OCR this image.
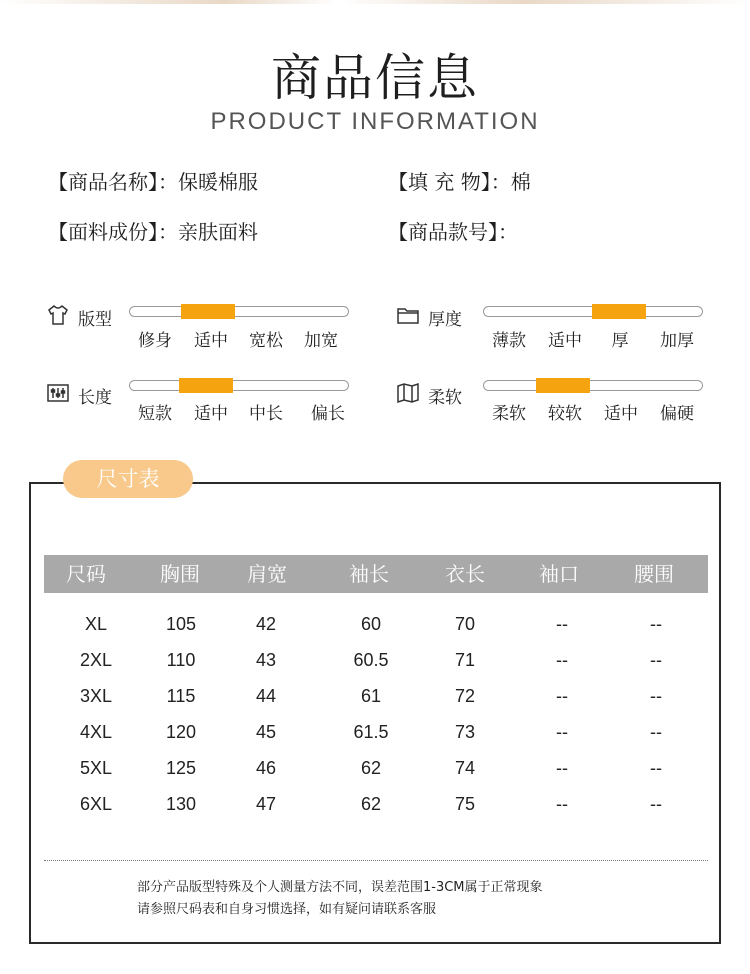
商品信息
PRODUCT INFORMATION
【商品名称】：保暖棉服	【填 充 物】：棉
【面料成份】：亲肤面料	【商品款号】：
版型
修身	适中	宽松	加宽
厚度
薄款	适中	厚	加厚
长度
短款	适中	中长	偏长
柔软
柔软	较软	适中	偏硬
尺寸表
尺码	胸围	肩宽	袖长	衣长	袖口	腰围
XL	105	42	60	70	--	--
2XL	110	43	60.5	71	--	--
3XL	115	44	61	72	--	--
4XL	120	45	61.5	73	--	--
5XL	125	46	62	74	--	--
6XL	130	47	62	75	--	--
部分产品版型特殊及个人测量方法不同，误差范围1-3CM属于正常现象
请参照尺码表和自身习惯选择，如有疑问请联系客服
